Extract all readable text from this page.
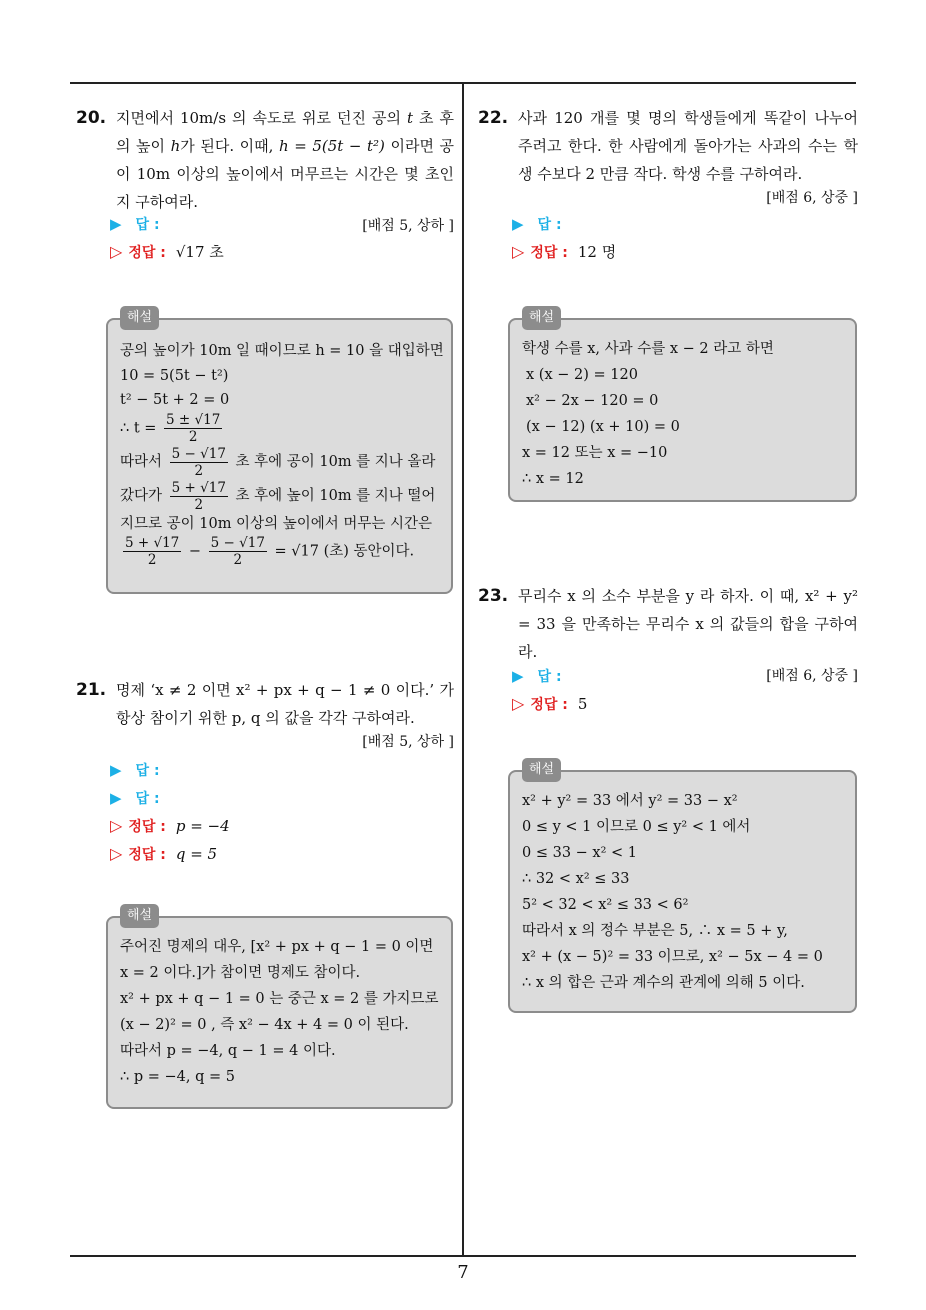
20. 지면에서 10m/s 의 속도로 위로 던진 공의 t 초 후의 높이 h가 된다. 이때, h = 5(5t − t²) 이라면 공이 10m 이상의 높이에서 머무르는 시간은 몇 초인지 구하여라.
[배점 5, 상하 ]
▶ 답 :
▷ 정답 : √17 초
해설
공의 높이가 10m 일 때이므로 h = 10 을 대입하면
10 = 5(5t − t²)
t² − 5t + 2 = 0
∴ $t = \frac{5 \pm √17}{2}$
따라서 $\frac{5 - √17}{2}$ 초 후에 공이 10m 를 지나 올라
갔다가 $\frac{5 + √17}{2}$ 초 후에 높이 10m 를 지나 떨어
지므로 공이 10m 이상의 높이에서 머무는 시간은
$\frac{5 + √17}{2} - \frac{5 - √17}{2} = √17$ (초) 동안이다.
21. 명제 ‘x ≠ 2 이면 x² + px + q − 1 ≠ 0 이다.’ 가 항상 참이기 위한 p, q 의 값을 각각 구하여라.
[배점 5, 상하 ]
▶ 답 :
▶ 답 :
▷ 정답 : p = −4
▷ 정답 : q = 5
해설
주어진 명제의 대우, [x² + px + q − 1 = 0 이면
x = 2 이다.]가 참이면 명제도 참이다.
x² + px + q − 1 = 0 는 중근 x = 2 를 가지므로
(x − 2)² = 0 , 즉 x² − 4x + 4 = 0 이 된다.
따라서 p = −4, q − 1 = 4 이다.
∴ p = −4, q = 5
22. 사과 120 개를 몇 명의 학생들에게 똑같이 나누어 주려고 한다. 한 사람에게 돌아가는 사과의 수는 학생 수보다 2 만큼 작다. 학생 수를 구하여라.
[배점 6, 상중 ]
▶ 답 :
▷ 정답 : 12 명
해설
학생 수를 x, 사과 수를 x − 2 라고 하면
x (x − 2) = 120
x² − 2x − 120 = 0
(x − 12) (x + 10) = 0
x = 12 또는 x = −10
∴ x = 12
23. 무리수 x 의 소수 부분을 y 라 하자. 이 때, x² + y² = 33 을 만족하는 무리수 x 의 값들의 합을 구하여라.
[배점 6, 상중 ]
▶ 답 :
▷ 정답 : 5
해설
x² + y² = 33 에서 y² = 33 − x²
0 ≤ y < 1 이므로 0 ≤ y² < 1 에서
0 ≤ 33 − x² < 1
∴ 32 < x² ≤ 33
5² < 32 < x² ≤ 33 < 6²
따라서 x 의 정수 부분은 5, ∴ x = 5 + y,
x² + (x − 5)² = 33 이므로, x² − 5x − 4 = 0
∴ x 의 합은 근과 계수의 관계에 의해 5 이다.
7
